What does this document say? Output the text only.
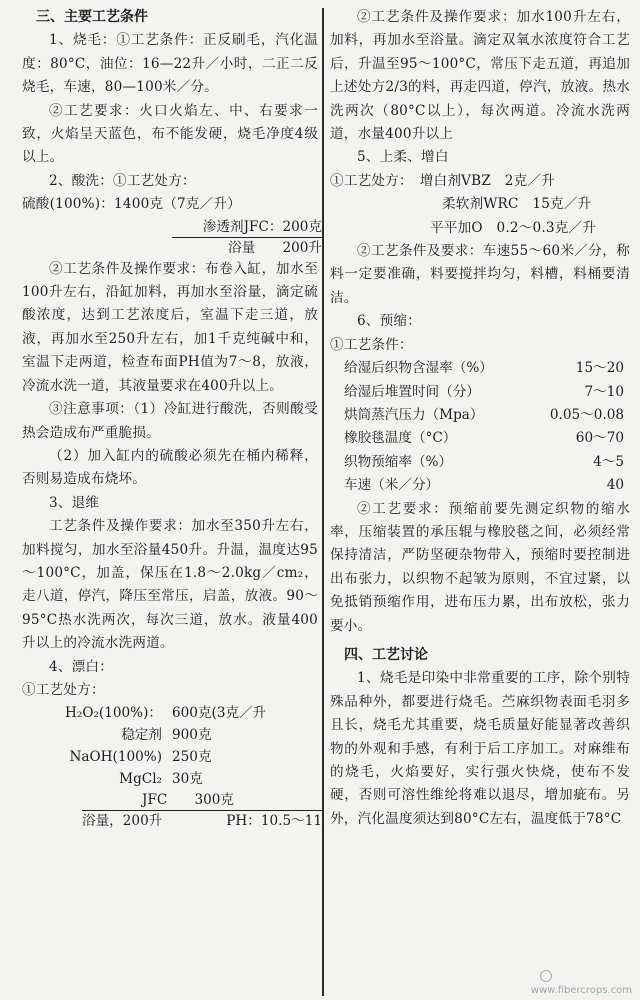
三、主要工艺条件

1、烧毛：①工艺条件：正反刷毛，汽化温度：80°C，油位：16—22升／小时，二正二反烧毛，车速，80—100米／分。

②工艺要求：火口火焰左、中、右要求一致，火焰呈天蓝色，布不能发硬，烧毛净度4级以上。

2、酸洗：①工艺处方：

硫酸(100%)：1400克（7克／升）

渗透剂JFC：200克
浴量　　200升

②工艺条件及操作要求：布卷入缸，加水至100升左右，沿缸加料，再加水至浴量，滴定硫酸浓度，达到工艺浓度后，室温下走三道，放液，再加水至250升左右，加1千克纯碱中和，室温下走两道，检查布面PH值为7～8，放液，冷流水洗一道，其液量要求在400升以上。

③注意事项：（1）冷缸进行酸洗，否则酸受热会造成布严重脆损。

（2）加入缸内的硫酸必须先在桶内稀释，否则易造成布烧坏。

3、退维

工艺条件及操作要求：加水至350升左右，加料搅匀，加水至浴量450升。升温，温度达95～100°C，加盖，保压在1.8～2.0kg／cm₂，走八道，停汽，降压至常压，启盖，放液。90～95°C热水洗两次，每次三道，放水。液量400升以上的冷流水洗两道。

4、漂白：

①工艺处方：

H₂O₂(100%)： 600克(3克／升
稳定剂 900克
NaOH(100%) 250克
MgCl₂ 30克
JFC　　300克
浴量，200升	PH：10.5～11

②工艺条件及操作要求：加水100升左右，加料，再加水至浴量。滴定双氧水浓度符合工艺后，升温至95～100°C，常压下走五道，再追加上述处方2/3的料，再走四道，停汽，放液。热水洗两次（80°C以上），每次两道。冷流水洗两道，水量400升以上

5、上柔、增白

①工艺处方：　增白剂VBZ　2克／升

柔软剂WRC　15克／升

平平加O　0.2～0.3克／升

②工艺条件及要求：车速55～60米／分，称料一定要准确，料要搅拌均匀，料槽，料桶要清洁。

6、预缩：

①工艺条件：

给湿后织物含湿率（%）	15～20
给湿后堆置时间（分）	7～10
烘筒蒸汽压力（Mpa）	0.05～0.08
橡胶毯温度（°C）	60～70
织物预缩率（%）	4～5
车速（米／分）	40

②工艺要求：预缩前要先测定织物的缩水率，压缩装置的承压辊与橡胶毯之间，必须经常保持清洁，严防坚硬杂物带入，预缩时要控制进出布张力，以织物不起皱为原则，不宜过紧，以免抵销预缩作用，进布压力累，出布放松，张力要小。

四、工艺讨论

1、烧毛是印染中非常重要的工序，除个别特殊品种外，都要进行烧毛。苎麻织物表面毛羽多且长，烧毛尤其重要，烧毛质量好能显著改善织物的外观和手感，有利于后工序加工。对麻维布的烧毛，火焰要好，实行强火快烧，使布不发硬，否则可溶性维纶将难以退尽，增加疵布。另外，汽化温度须达到80°C左右，温度低于78°C

www.fibercrops.com
